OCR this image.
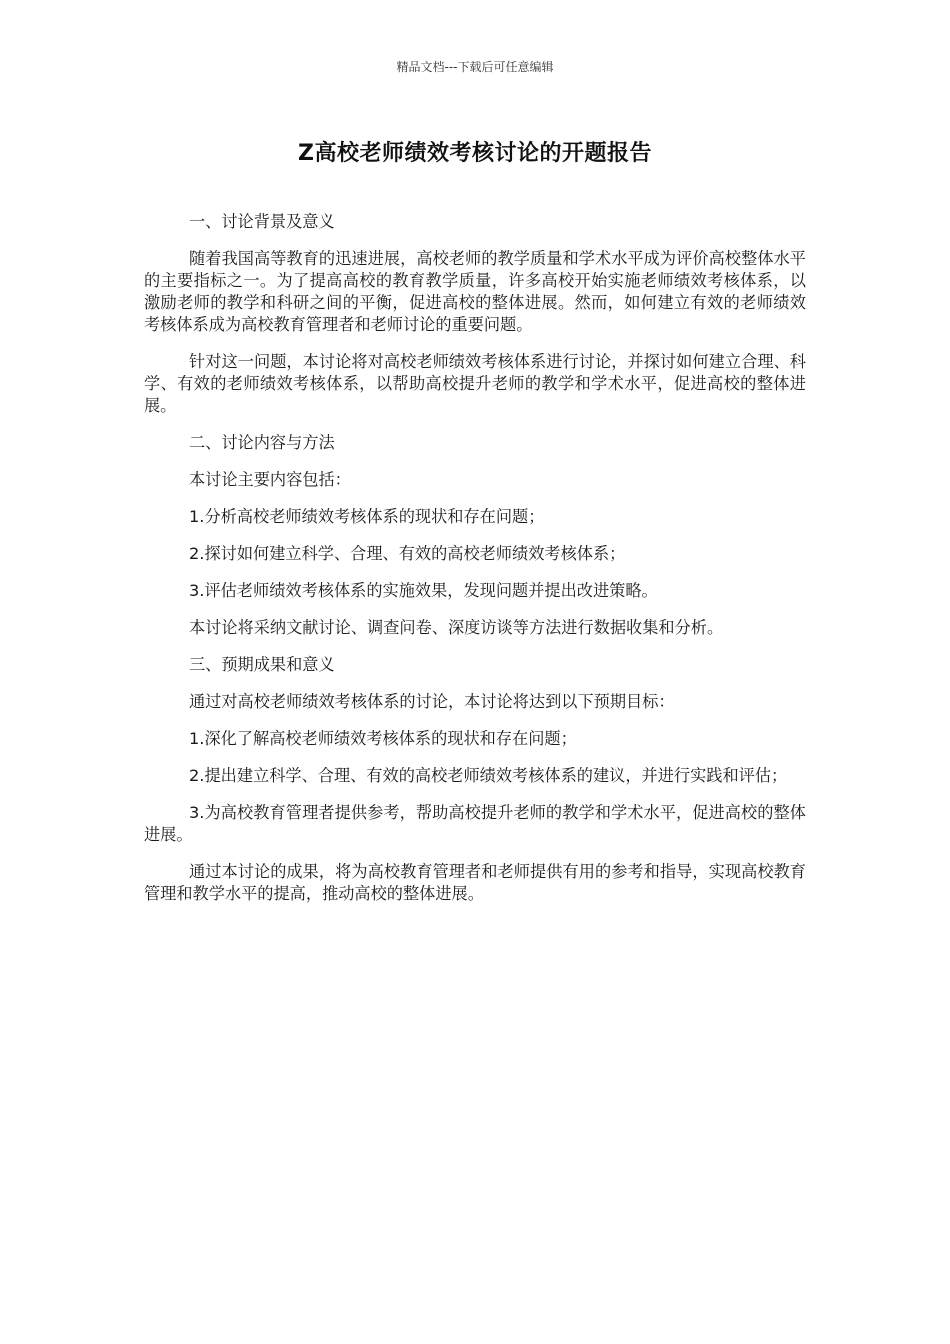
精品文档---下载后可任意编辑
Z高校老师绩效考核讨论的开题报告

一、讨论背景及意义

随着我国高等教育的迅速进展，高校老师的教学质量和学术水平成为评价高校整体水平的主要指标之一。为了提高高校的教育教学质量，许多高校开始实施老师绩效考核体系，以激励老师的教学和科研之间的平衡，促进高校的整体进展。然而，如何建立有效的老师绩效考核体系成为高校教育管理者和老师讨论的重要问题。

针对这一问题，本讨论将对高校老师绩效考核体系进行讨论，并探讨如何建立合理、科学、有效的老师绩效考核体系，以帮助高校提升老师的教学和学术水平，促进高校的整体进展。

二、讨论内容与方法

本讨论主要内容包括：

1.分析高校老师绩效考核体系的现状和存在问题；

2.探讨如何建立科学、合理、有效的高校老师绩效考核体系；

3.评估老师绩效考核体系的实施效果，发现问题并提出改进策略。

本讨论将采纳文献讨论、调查问卷、深度访谈等方法进行数据收集和分析。

三、预期成果和意义

通过对高校老师绩效考核体系的讨论，本讨论将达到以下预期目标：

1.深化了解高校老师绩效考核体系的现状和存在问题；

2.提出建立科学、合理、有效的高校老师绩效考核体系的建议，并进行实践和评估；

3.为高校教育管理者提供参考，帮助高校提升老师的教学和学术水平，促进高校的整体进展。

通过本讨论的成果，将为高校教育管理者和老师提供有用的参考和指导，实现高校教育管理和教学水平的提高，推动高校的整体进展。
